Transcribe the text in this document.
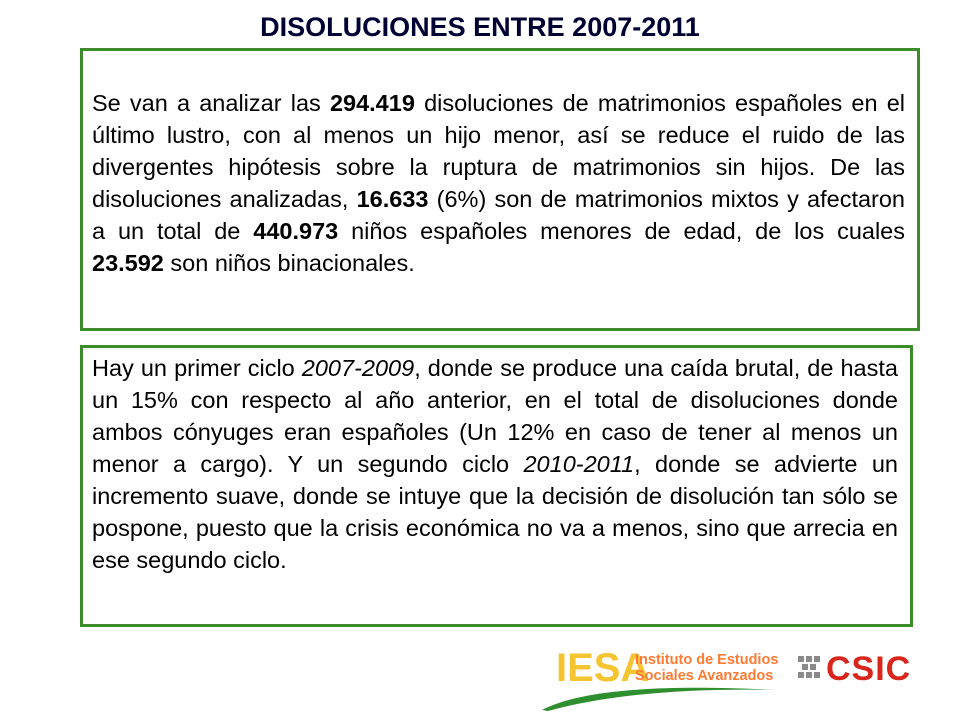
DISOLUCIONES ENTRE 2007-2011

Se van a analizar las 294.419 disoluciones de matrimonios españoles en el último lustro, con al menos un hijo menor, así se reduce el ruido de las divergentes hipótesis sobre la ruptura de matrimonios sin hijos. De las disoluciones analizadas, 16.633 (6%) son de matrimonios mixtos y afectaron a un total de 440.973 niños españoles menores de edad, de los cuales 23.592 son niños binacionales.

Hay un primer ciclo 2007-2009, donde se produce una caída brutal, de hasta un 15% con respecto al año anterior, en el total de disoluciones donde ambos cónyuges eran españoles (Un 12% en caso de tener al menos un menor a cargo). Y un segundo ciclo 2010-2011, donde se advierte un incremento suave, donde se intuye que la decisión de disolución tan sólo se pospone, puesto que la crisis económica no va a menos, sino que arrecia en ese segundo ciclo.

IESA
Instituto de Estudios
Sociales Avanzados CSIC
